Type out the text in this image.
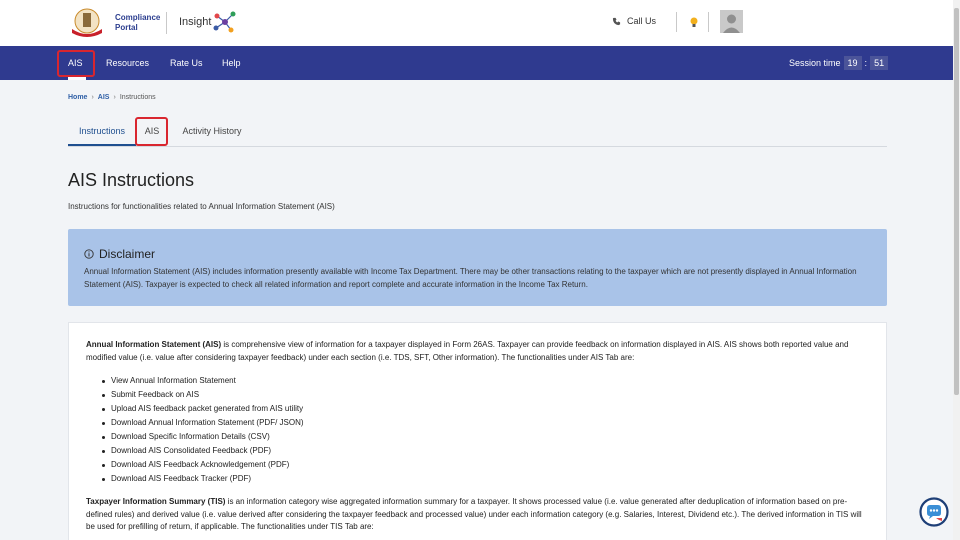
Compliance
Portal	Insight	Call Us
AIS	Resources Rate Us Help	Session time 19 : 51
Home › AIS › Instructions
Instructions	AIS	Activity History
AIS Instructions
Instructions for functionalities related to Annual Information Statement (AIS)
Disclaimer
Annual Information Statement (AIS) includes information presently available with Income Tax Department. There may be other transactions relating to the taxpayer which are not presently displayed in Annual Information Statement (AIS). Taxpayer is expected to check all related information and report complete and accurate information in the Income Tax Return.
Annual Information Statement (AIS) is comprehensive view of information for a taxpayer displayed in Form 26AS. Taxpayer can provide feedback on information displayed in AIS. AIS shows both reported value and modified value (i.e. value after considering taxpayer feedback) under each section (i.e. TDS, SFT, Other information). The functionalities under AIS Tab are:
View Annual Information Statement
Submit Feedback on AIS
Upload AIS feedback packet generated from AIS utility
Download Annual Information Statement (PDF/ JSON)
Download Specific Information Details (CSV)
Download AIS Consolidated Feedback (PDF)
Download AIS Feedback Acknowledgement (PDF)
Download AIS Feedback Tracker (PDF)
Taxpayer Information Summary (TIS) is an information category wise aggregated information summary for a taxpayer. It shows processed value (i.e. value generated after deduplication of information based on pre-defined rules) and derived value (i.e. value derived after considering the taxpayer feedback and processed value) under each information category (e.g. Salaries, Interest, Dividend etc.). The derived information in TIS will be used for prefilling of return, if applicable. The functionalities under TIS Tab are:
